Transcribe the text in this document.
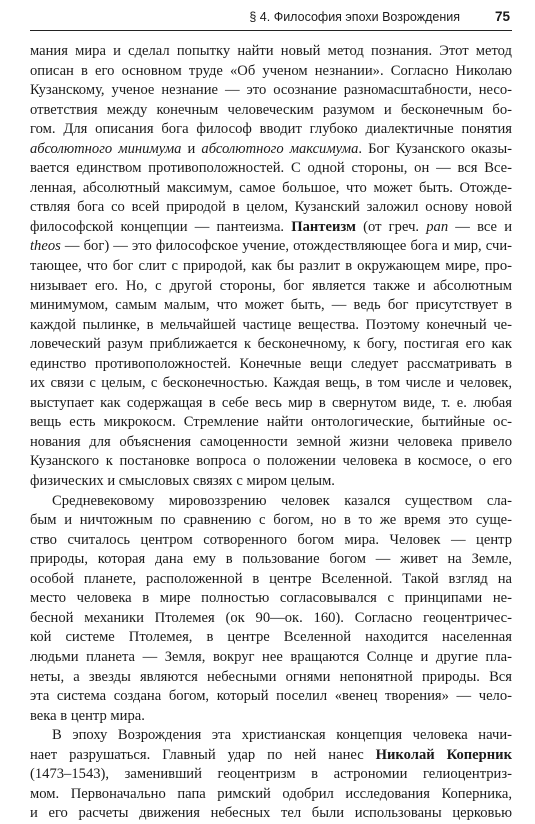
§ 4. Философия эпохи Возрождения	75
мания мира и сделал попытку найти новый метод познания. Этот метод
описан в его основном труде «Об ученом незнании». Согласно Николаю
Кузанскому, ученое незнание — это осознание разномасштабности, несо-
ответствия между конечным человеческим разумом и бесконечным бо-
гом. Для описания бога философ вводит глубоко диалектичные понятия
абсолютного минимума и абсолютного максимума. Бог Кузанского оказы-
вается единством противоположностей. С одной стороны, он — вся Все-
ленная, абсолютный максимум, самое большое, что может быть. Отожде-
ствляя бога со всей природой в целом, Кузанский заложил основу новой
философской концепции — пантеизма. Пантеизм (от греч. pan — все и
theos — бог) — это философское учение, отождествляющее бога и мир, счи-
тающее, что бог слит с природой, как бы разлит в окружающем мире, про-
низывает его. Но, с другой стороны, бог является также и абсолютным
минимумом, самым малым, что может быть, — ведь бог присутствует в
каждой пылинке, в мельчайшей частице вещества. Поэтому конечный че-
ловеческий разум приближается к бесконечному, к богу, постигая его как
единство противоположностей. Конечные вещи следует рассматривать в
их связи с целым, с бесконечностью. Каждая вещь, в том числе и человек,
выступает как содержащая в себе весь мир в свернутом виде, т. е. любая
вещь есть микрокосм. Стремление найти онтологические, бытийные ос-
нования для объяснения самоценности земной жизни человека привело
Кузанского к постановке вопроса о положении человека в космосе, о его
физических и смысловых связях с миром целым.
Средневековому мировоззрению человек казался существом сла-
бым и ничтожным по сравнению с богом, но в то же время это суще-
ство считалось центром сотворенного богом мира. Человек — центр
природы, которая дана ему в пользование богом — живет на Земле,
особой планете, расположенной в центре Вселенной. Такой взгляд на
место человека в мире полностью согласовывался с принципами не-
бесной механики Птолемея (ок 90—ок. 160). Согласно геоцентричес-
кой системе Птолемея, в центре Вселенной находится населенная
людьми планета — Земля, вокруг нее вращаются Солнце и другие пла-
неты, а звезды являются небесными огнями непонятной природы. Вся
эта система создана богом, который поселил «венец творения» — чело-
века в центр мира.
В эпоху Возрождения эта христианская концепция человека начи-
нает разрушаться. Главный удар по ней нанес Николай Коперник
(1473–1543), заменивший геоцентризм в астрономии гелиоцентриз-
мом. Первоначально папа римский одобрил исследования Коперника,
и его расчеты движения небесных тел были использованы церковью
